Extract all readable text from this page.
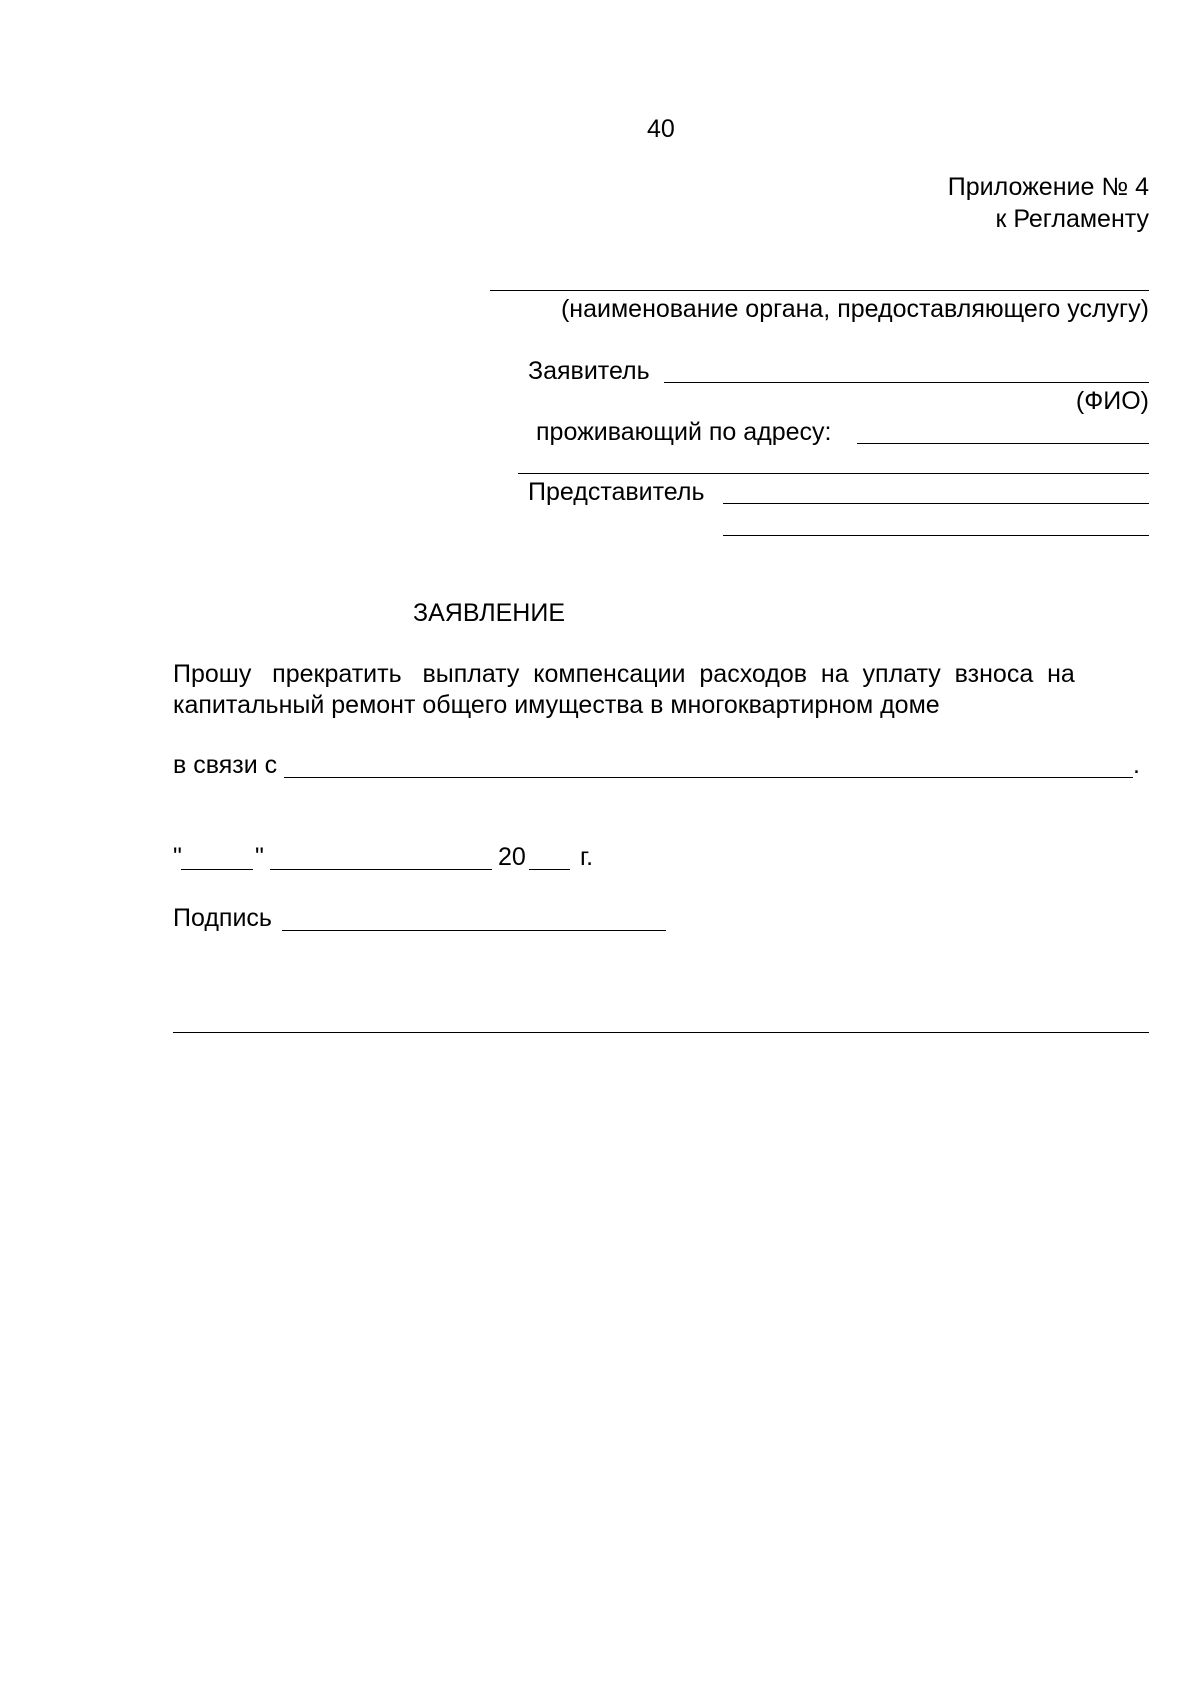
40
Приложение № 4
к Регламенту
(наименование органа, предоставляющего услугу)
Заявитель
(ФИО)
проживающий по адресу:
Представитель
ЗАЯВЛЕНИЕ
Прошу   прекратить   выплату  компенсации  расходов  на  уплату  взноса  на
капитальный ремонт общего имущества в многоквартирном доме
в связи с	.
"	"	20 г.
Подпись
